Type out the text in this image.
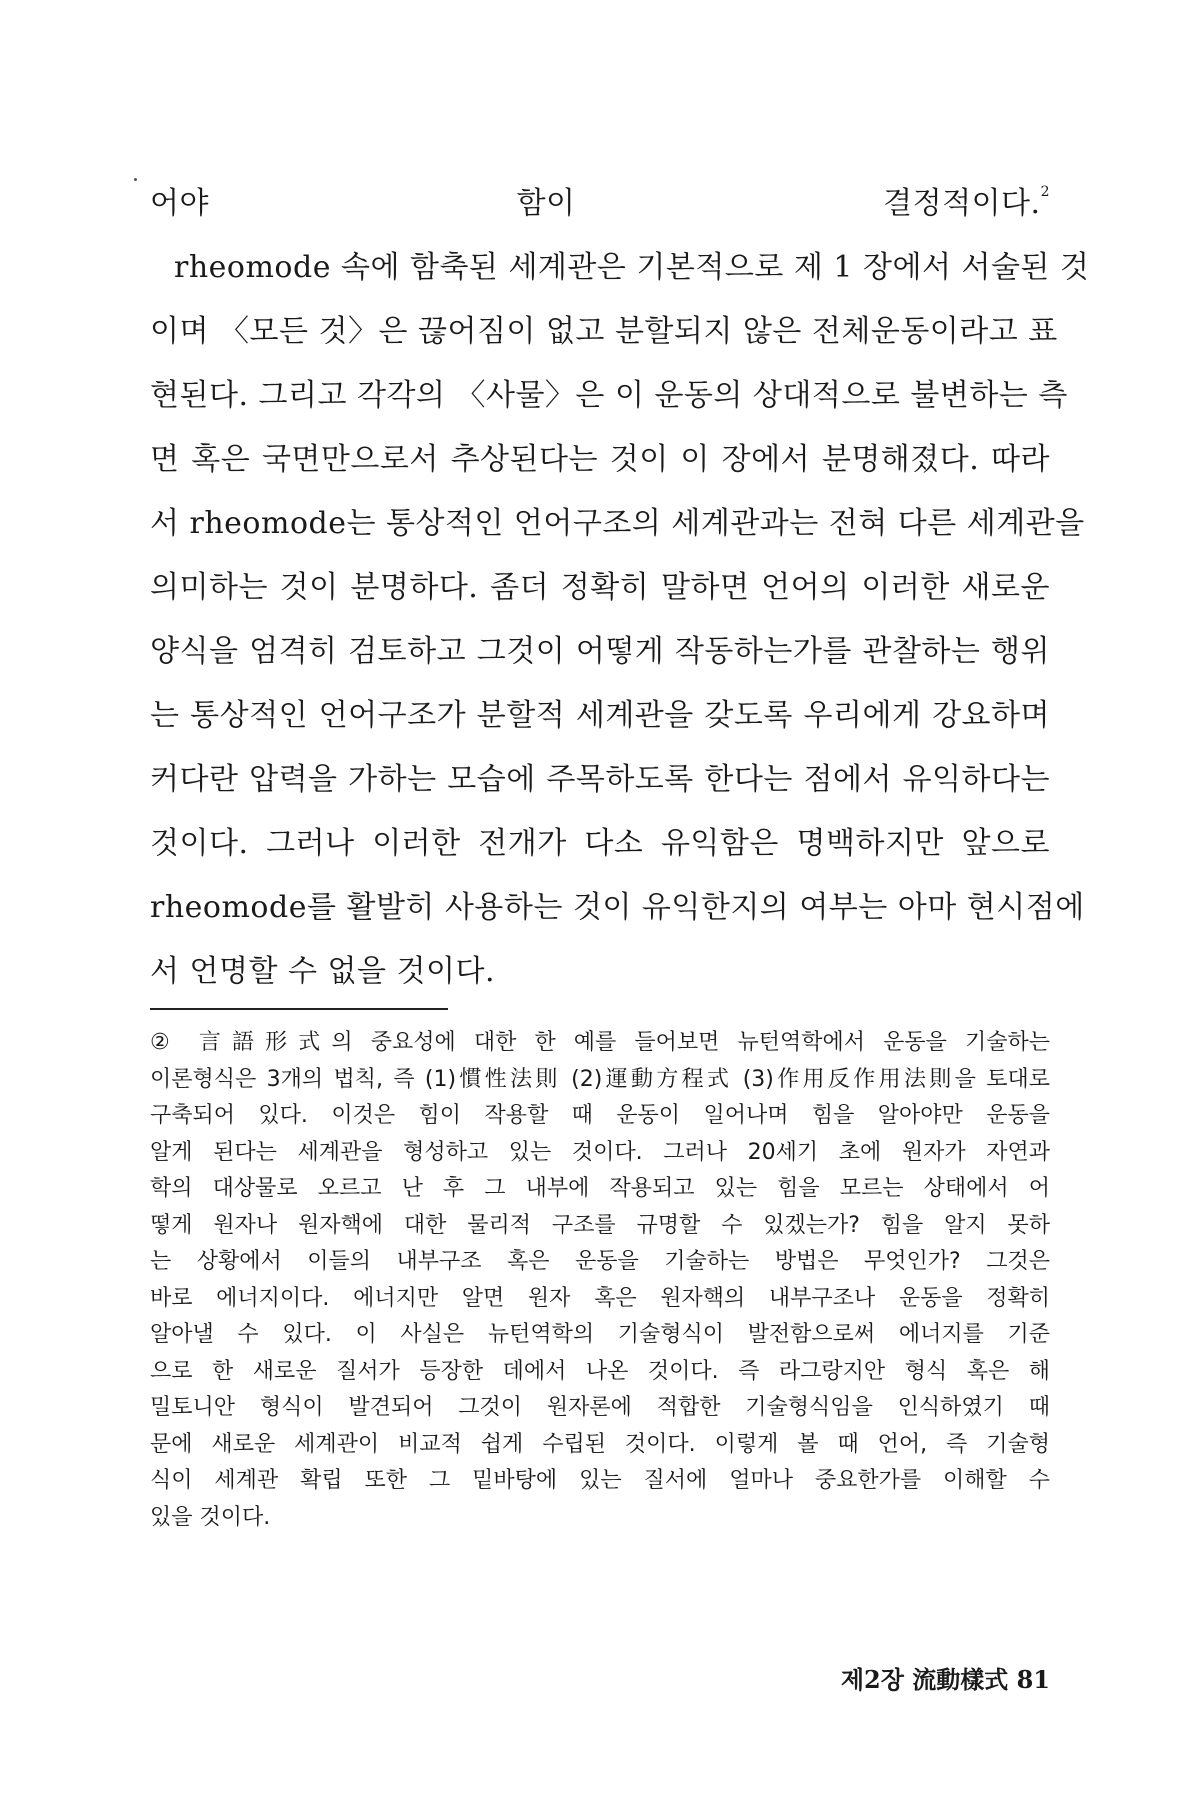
어야 함이 결정적이다.$^2$

rheomode 속에 함축된 세계관은 기본적으로 제 1 장에서 서술된 것

이며 〈모든 것〉은 끊어짐이 없고 분할되지 않은 전체운동이라고 표

현된다. 그리고 각각의 〈사물〉은 이 운동의 상대적으로 불변하는 측

면 혹은 국면만으로서 추상된다는 것이 이 장에서 분명해졌다. 따라

서 rheomode는 통상적인 언어구조의 세계관과는 전혀 다른 세계관을

의미하는 것이 분명하다. 좀더 정확히 말하면 언어의 이러한 새로운

양식을 엄격히 검토하고 그것이 어떻게 작동하는가를 관찰하는 행위

는 통상적인 언어구조가 분할적 세계관을 갖도록 우리에게 강요하며

커다란 압력을 가하는 모습에 주목하도록 한다는 점에서 유익하다는

것이다. 그러나 이러한 전개가 다소 유익함은 명백하지만 앞으로

rheomode를 활발히 사용하는 것이 유익한지의 여부는 아마 현시점에

서 언명할 수 없을 것이다.

② 言語形式의 중요성에 대한 한 예를 들어보면 뉴턴역학에서 운동을 기술하는

이론형식은 3개의 법칙, 즉 (1)慣性法則 (2)運動方程式 (3)作用反作用法則을 토대로

구축되어 있다. 이것은 힘이 작용할 때 운동이 일어나며 힘을 알아야만 운동을

알게 된다는 세계관을 형성하고 있는 것이다. 그러나 20세기 초에 원자가 자연과

학의 대상물로 오르고 난 후 그 내부에 작용되고 있는 힘을 모르는 상태에서 어

떻게 원자나 원자핵에 대한 물리적 구조를 규명할 수 있겠는가? 힘을 알지 못하

는 상황에서 이들의 내부구조 혹은 운동을 기술하는 방법은 무엇인가? 그것은

바로 에너지이다. 에너지만 알면 원자 혹은 원자핵의 내부구조나 운동을 정확히

알아낼 수 있다. 이 사실은 뉴턴역학의 기술형식이 발전함으로써 에너지를 기준

으로 한 새로운 질서가 등장한 데에서 나온 것이다. 즉 라그랑지안 형식 혹은 해

밀토니안 형식이 발견되어 그것이 원자론에 적합한 기술형식임을 인식하였기 때

문에 새로운 세계관이 비교적 쉽게 수립된 것이다. 이렇게 볼 때 언어, 즉 기술형

식이 세계관 확립 또한 그 밑바탕에 있는 질서에 얼마나 중요한가를 이해할 수

있을 것이다.

제2장 流動樣式 81
